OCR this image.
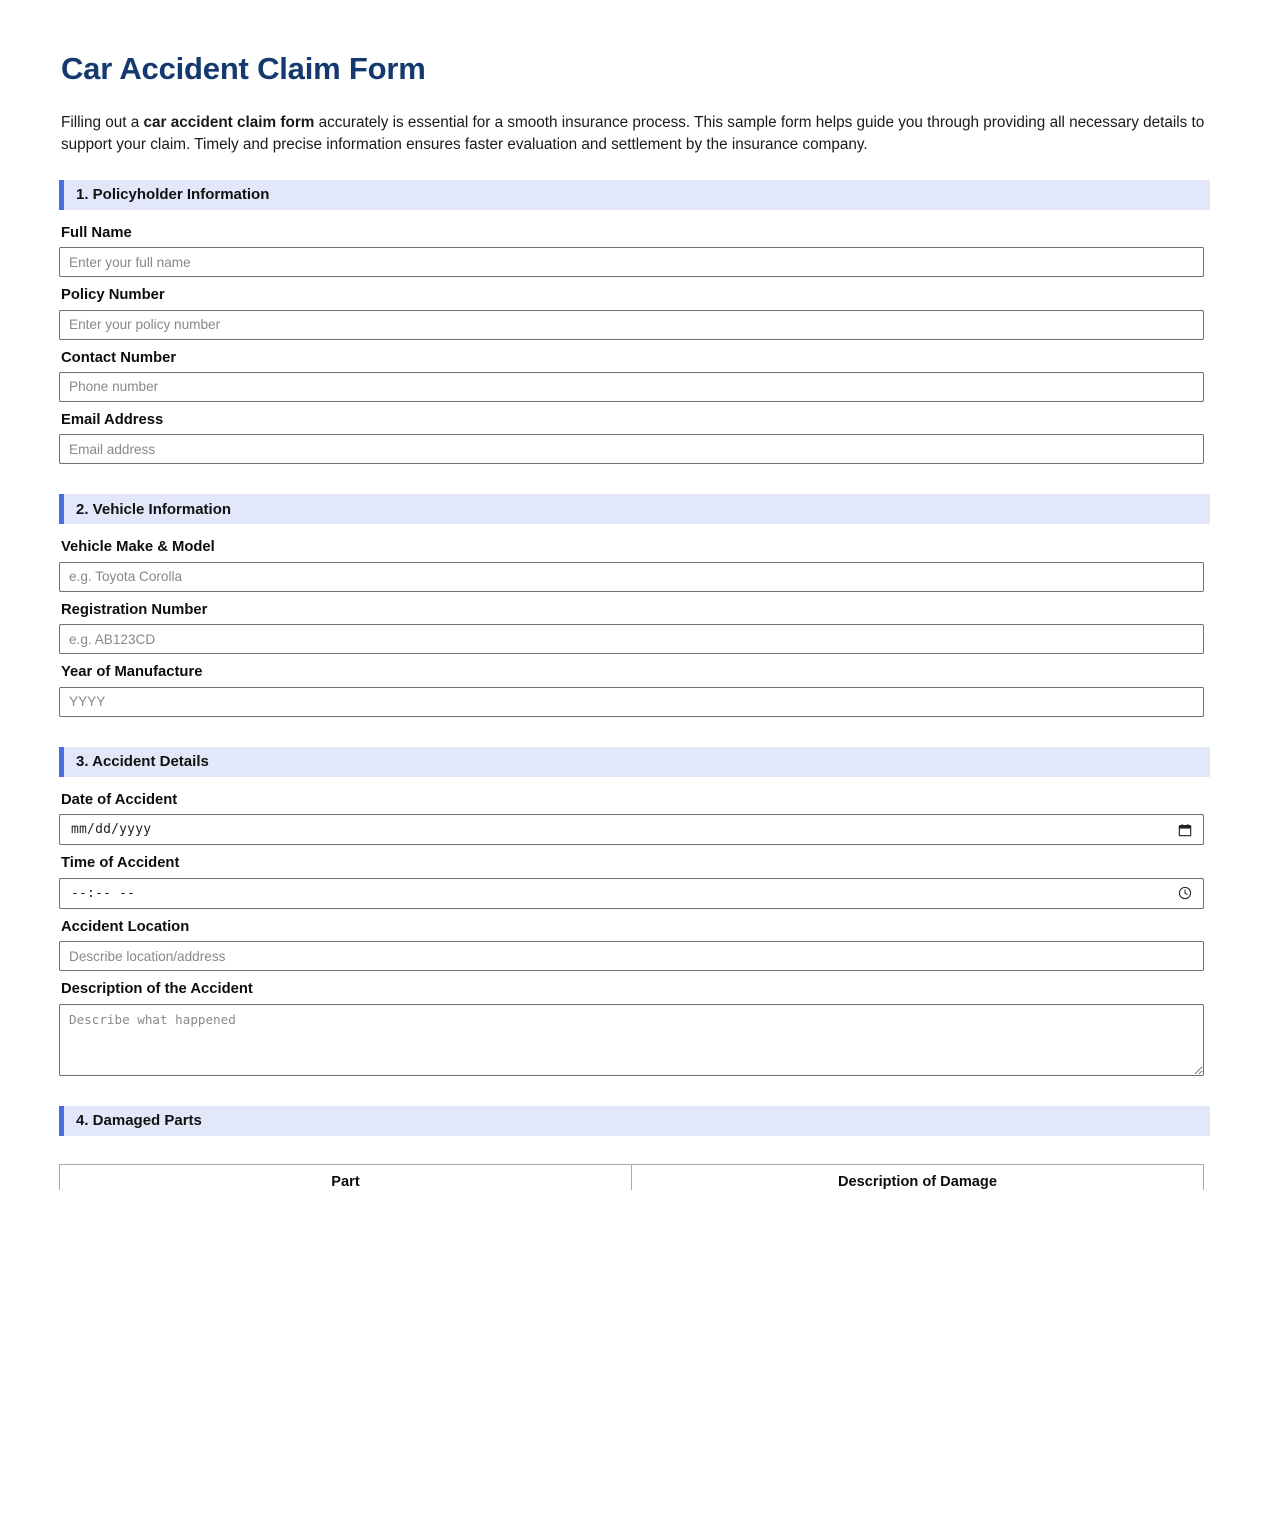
Car Accident Claim Form

Filling out a car accident claim form accurately is essential for a smooth insurance process. This sample form helps guide you through providing all necessary details to support your claim. Timely and precise information ensures faster evaluation and settlement by the insurance company.

1. Policyholder Information
Full Name
Enter your full name
Policy Number
Enter your policy number
Contact Number
Phone number
Email Address
Email address
2. Vehicle Information
Vehicle Make & Model
e.g. Toyota Corolla
Registration Number
e.g. AB123CD
Year of Manufacture
YYYY
3. Accident Details
Date of Accident
mm/dd/yyyy
Time of Accident
--:-- --
Accident Location
Describe location/address
Description of the Accident
Describe what happened
4. Damaged Parts
Part	Description of Damage
